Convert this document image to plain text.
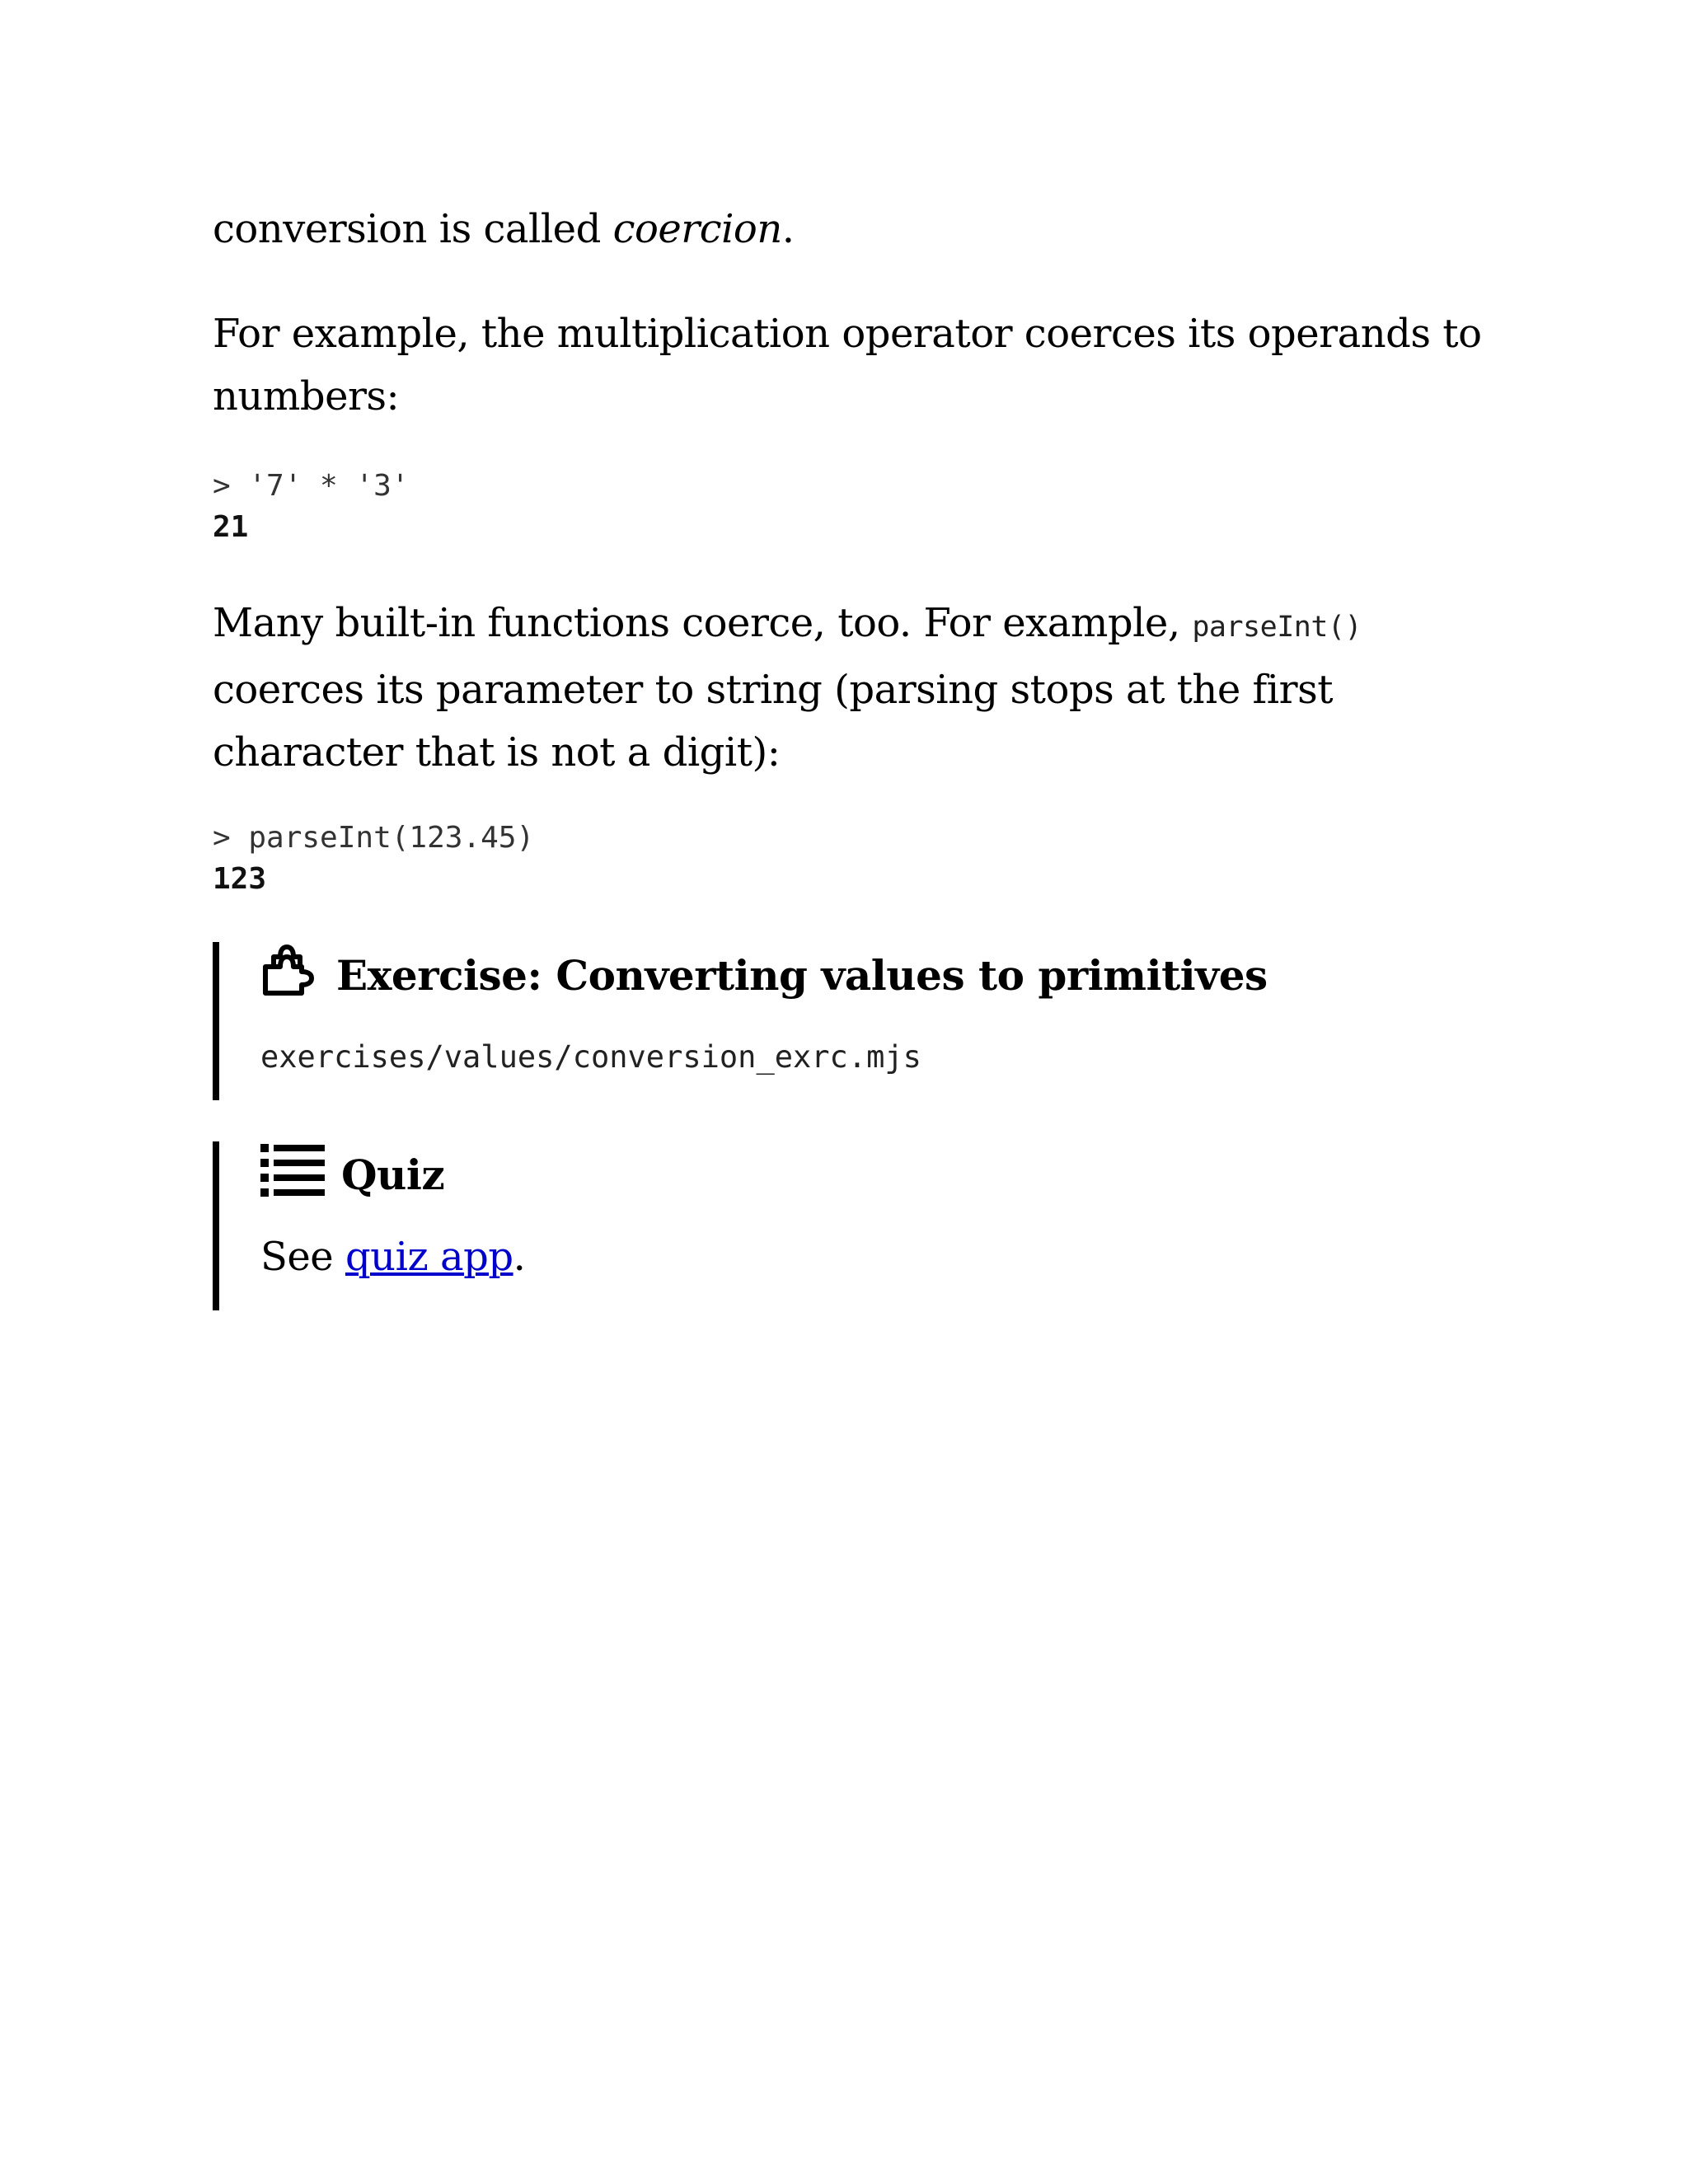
conversion is called coercion.

For example, the multiplication operator coerces its operands to numbers:

> '7' * '3'
21

Many built-in functions coerce, too. For example, parseInt() coerces its parameter to string (parsing stops at the first character that is not a digit):

> parseInt(123.45)
123
Exercise: Converting values to primitives
exercises/values/conversion_exrc.mjs
Quiz
See quiz app.
